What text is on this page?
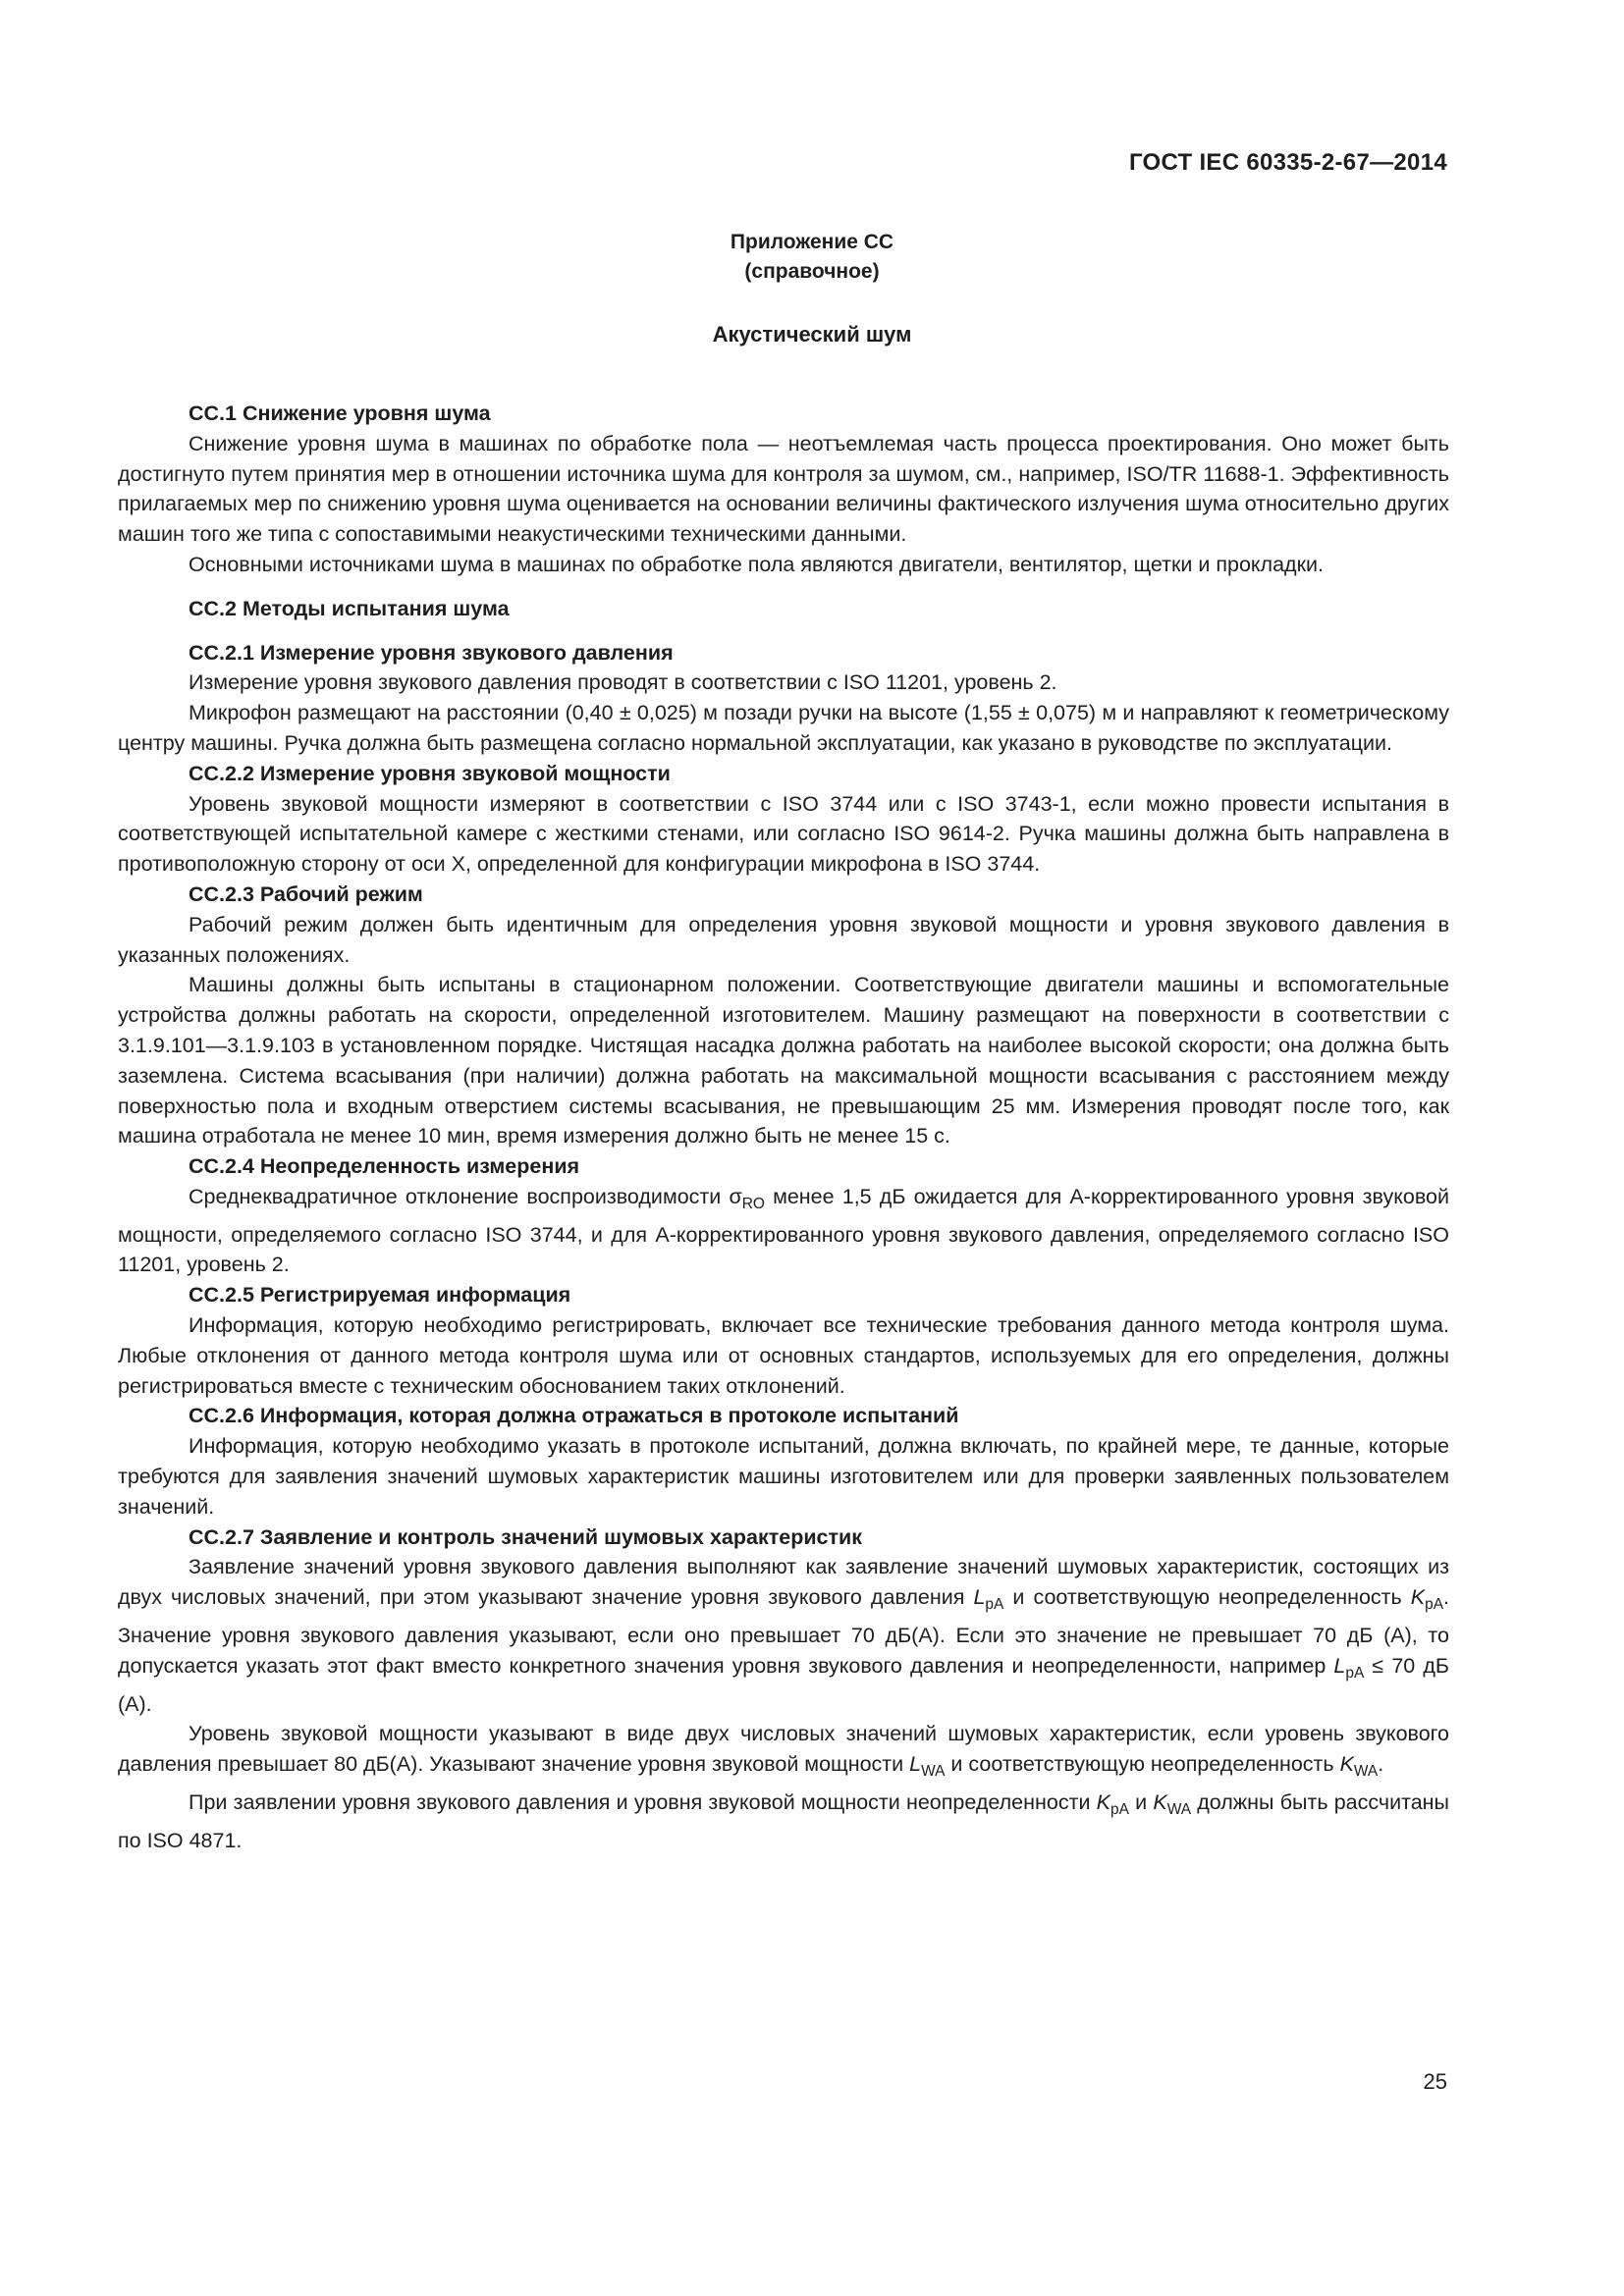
ГОСТ IEC 60335-2-67—2014
Приложение СС
(справочное)
Акустический шум

СС.1 Снижение уровня шума

Снижение уровня шума в машинах по обработке пола — неотъемлемая часть процесса проектирования. Оно может быть достигнуто путем принятия мер в отношении источника шума для контроля за шумом, см., например, ISO/TR 11688-1. Эффективность прилагаемых мер по снижению уровня шума оценивается на основании величины фактического излучения шума относительно других машин того же типа с сопоставимыми неакустическими техническими данными.

Основными источниками шума в машинах по обработке пола являются двигатели, вентилятор, щетки и прокладки.

СС.2 Методы испытания шума

СС.2.1 Измерение уровня звукового давления

Измерение уровня звукового давления проводят в соответствии с ISO 11201, уровень 2.

Микрофон размещают на расстоянии (0,40 ± 0,025) м позади ручки на высоте (1,55 ± 0,075) м и направляют к геометрическому центру машины. Ручка должна быть размещена согласно нормальной эксплуатации, как указано в руководстве по эксплуатации.

СС.2.2 Измерение уровня звуковой мощности

Уровень звуковой мощности измеряют в соответствии с ISO 3744 или с ISO 3743-1, если можно провести испытания в соответствующей испытательной камере с жесткими стенами, или согласно ISO 9614-2. Ручка машины должна быть направлена в противоположную сторону от оси X, определенной для конфигурации микрофона в ISO 3744.

СС.2.3 Рабочий режим

Рабочий режим должен быть идентичным для определения уровня звуковой мощности и уровня звукового давления в указанных положениях.

Машины должны быть испытаны в стационарном положении. Соответствующие двигатели машины и вспомогательные устройства должны работать на скорости, определенной изготовителем. Машину размещают на поверхности в соответствии с 3.1.9.101—3.1.9.103 в установленном порядке. Чистящая насадка должна работать на наиболее высокой скорости; она должна быть заземлена. Система всасывания (при наличии) должна работать на максимальной мощности всасывания с расстоянием между поверхностью пола и входным отверстием системы всасывания, не превышающим 25 мм. Измерения проводят после того, как машина отработала не менее 10 мин, время измерения должно быть не менее 15 с.

СС.2.4 Неопределенность измерения

Среднеквадратичное отклонение воспроизводимости $\sigma_{RO}$ менее 1,5 дБ ожидается для А-корректированного уровня звуковой мощности, определяемого согласно ISO 3744, и для А-корректированного уровня звукового давления, определяемого согласно ISO 11201, уровень 2.

СС.2.5 Регистрируемая информация

Информация, которую необходимо регистрировать, включает все технические требования данного метода контроля шума. Любые отклонения от данного метода контроля шума или от основных стандартов, используемых для его определения, должны регистрироваться вместе с техническим обоснованием таких отклонений.

СС.2.6 Информация, которая должна отражаться в протоколе испытаний

Информация, которую необходимо указать в протоколе испытаний, должна включать, по крайней мере, те данные, которые требуются для заявления значений шумовых характеристик машины изготовителем или для проверки заявленных пользователем значений.

СС.2.7 Заявление и контроль значений шумовых характеристик

Заявление значений уровня звукового давления выполняют как заявление значений шумовых характеристик, состоящих из двух числовых значений, при этом указывают значение уровня звукового давления $L_{pA}$ и соответствующую неопределенность $K_{pA}$. Значение уровня звукового давления указывают, если оно превышает 70 дБ(А). Если это значение не превышает 70 дБ (А), то допускается указать этот факт вместо конкретного значения уровня звукового давления и неопределенности, например $L_{pA} \le 70$ дБ (А).

Уровень звуковой мощности указывают в виде двух числовых значений шумовых характеристик, если уровень звукового давления превышает 80 дБ(А). Указывают значение уровня звуковой мощности $L_{WA}$ и соответствующую неопределенность $K_{WA}$.

При заявлении уровня звукового давления и уровня звуковой мощности неопределенности $K_{pA}$ и $K_{WA}$ должны быть рассчитаны по ISO 4871.

25
